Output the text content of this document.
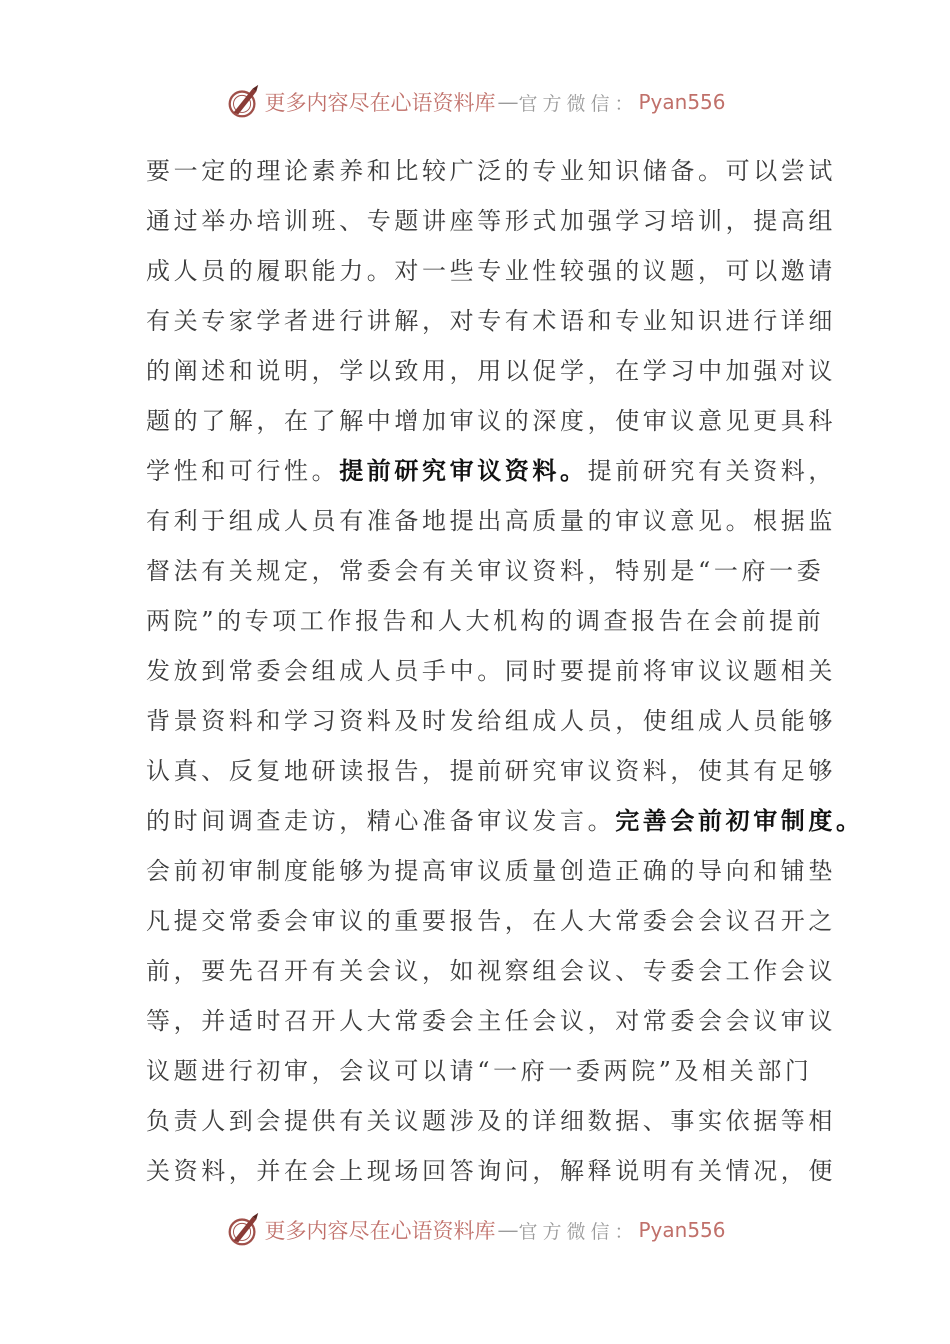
更多内容尽在心语资料库 — 官方微信： Pyan556
要一定的理论素养和比较广泛的专业知识储备。可以尝试
通过举办培训班、专题讲座等形式加强学习培训，提高组
成人员的履职能力。对一些专业性较强的议题，可以邀请
有关专家学者进行讲解，对专有术语和专业知识进行详细
的阐述和说明，学以致用，用以促学，在学习中加强对议
题的了解，在了解中增加审议的深度，使审议意见更具科
学性和可行性。提前研究审议资料。提前研究有关资料，
有利于组成人员有准备地提出高质量的审议意见。根据监
督法有关规定，常委会有关审议资料，特别是“一府一委
两院”的专项工作报告和人大机构的调查报告在会前提前
发放到常委会组成人员手中。同时要提前将审议议题相关
背景资料和学习资料及时发给组成人员，使组成人员能够
认真、反复地研读报告，提前研究审议资料，使其有足够
的时间调查走访，精心准备审议发言。完善会前初审制度。
会前初审制度能够为提高审议质量创造正确的导向和铺垫
凡提交常委会审议的重要报告，在人大常委会会议召开之
前，要先召开有关会议，如视察组会议、专委会工作会议
等，并适时召开人大常委会主任会议，对常委会会议审议
议题进行初审，会议可以请“一府一委两院”及相关部门
负责人到会提供有关议题涉及的详细数据、事实依据等相
关资料，并在会上现场回答询问，解释说明有关情况，便
更多内容尽在心语资料库 — 官方微信： Pyan556
